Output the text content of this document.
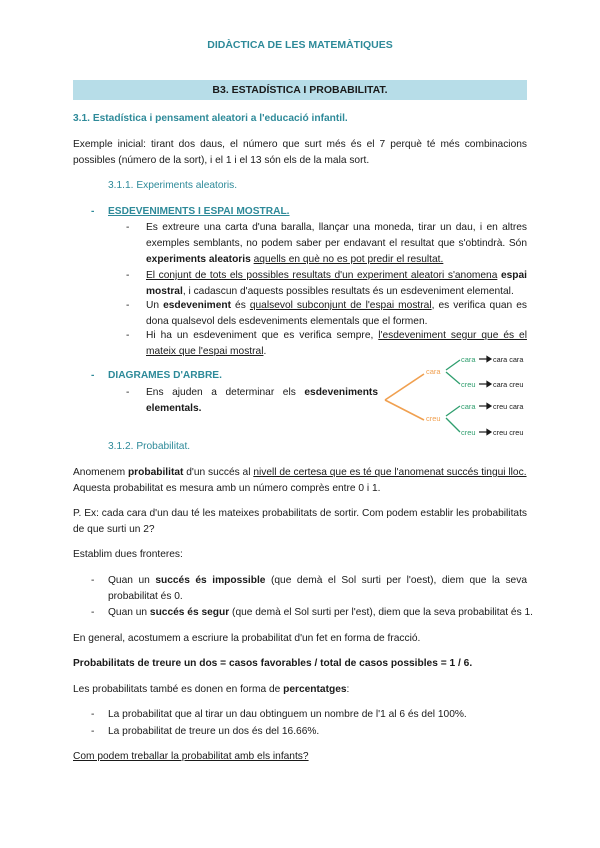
DIDÀCTICA DE LES MATEMÀTIQUES
B3. ESTADÍSTICA I PROBABILITAT.
3.1. Estadística i pensament aleatori a l'educació infantil.
Exemple inicial: tirant dos daus, el número que surt més és el 7 perquè té més combinacions possibles (número de la sort), i el 1 i el 13 són els de la mala sort.
3.1.1. Experiments aleatoris.
- ESDEVENIMENTS I ESPAI MOSTRAL.
- Es extreure una carta d'una baralla, llançar una moneda, tirar un dau, i en altres exemples semblants, no podem saber per endavant el resultat que s'obtindrà. Són experiments aleatoris aquells en què no es pot predir el resultat.
- El conjunt de tots els possibles resultats d'un experiment aleatori s'anomena espai mostral, i cadascun d'aquests possibles resultats és un esdeveniment elemental.
- Un esdeveniment és qualsevol subconjunt de l'espai mostral, es verifica quan es dona qualsevol dels esdeveniments elementals que el formen.
- Hi ha un esdeveniment que es verifica sempre, l'esdeveniment segur que és el mateix que l'espai mostral.
- DIAGRAMES D'ARBRE.
- Ens ajuden a determinar els esdeveniments elementals.
cara
creu
cara
creu
cara
creu
cara cara
cara creu
creu cara
creu creu
3.1.2. Probabilitat.
Anomenem probabilitat d'un succés al nivell de certesa que es té que l'anomenat succés tingui lloc.
Aquesta probabilitat es mesura amb un número comprès entre 0 i 1.
P. Ex: cada cara d'un dau té les mateixes probabilitats de sortir. Com podem establir les probabilitats de que surti un 2?
Establim dues fronteres:
- Quan un succés és impossible (que demà el Sol surti per l'oest), diem que la seva probabilitat és 0.
- Quan un succés és segur (que demà el Sol surti per l'est), diem que la seva probabilitat és 1.
En general, acostumem a escriure la probabilitat d'un fet en forma de fracció.
Probabilitats de treure un dos = casos favorables / total de casos possibles = 1 / 6.
Les probabilitats també es donen en forma de percentatges:
- La probabilitat que al tirar un dau obtinguem un nombre de l'1 al 6 és del 100%.
- La probabilitat de treure un dos és del 16.66%.
Com podem treballar la probabilitat amb els infants?
